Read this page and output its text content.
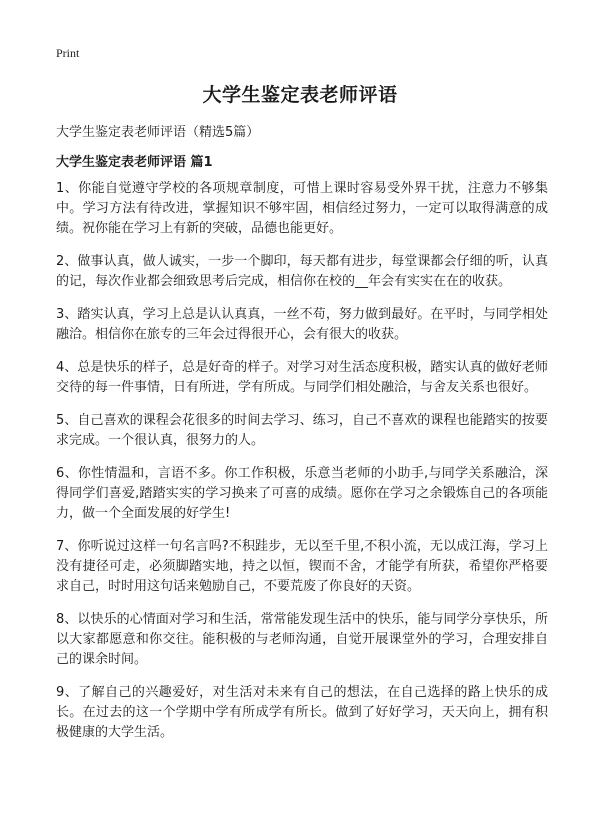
Print
大学生鉴定表老师评语

大学生鉴定表老师评语（精选5篇）

大学生鉴定表老师评语 篇1
1、你能自觉遵守学校的各项规章制度，可惜上课时容易受外界干扰，注意力不够集中。学习方法有待改进，掌握知识不够牢固，相信经过努力，一定可以取得满意的成绩。祝你能在学习上有新的突破，品德也能更好。
2、做事认真，做人诚实，一步一个脚印，每天都有进步，每堂课都会仔细的听，认真的记，每次作业都会细致思考后完成，相信你在校的__年会有实实在在的收获。
3、踏实认真，学习上总是认认真真，一丝不苟，努力做到最好。在平时，与同学相处融洽。相信你在旅专的三年会过得很开心，会有很大的收获。
4、总是快乐的样子，总是好奇的样子。对学习对生活态度积极，踏实认真的做好老师交待的每一件事情，日有所进，学有所成。与同学们相处融洽，与舍友关系也很好。
5、自己喜欢的课程会花很多的时间去学习、练习，自己不喜欢的课程也能踏实的按要求完成。一个很认真，很努力的人。
6、你性情温和，言语不多。你工作积极，乐意当老师的小助手,与同学关系融洽，深得同学们喜爱,踏踏实实的学习换来了可喜的成绩。愿你在学习之余锻炼自己的各项能力，做一个全面发展的好学生!
7、你听说过这样一句名言吗?不积跬步，无以至千里,不积小流，无以成江海，学习上没有捷径可走，必须脚踏实地，持之以恒，锲而不舍，才能学有所获，希望你严格要求自己，时时用这句话来勉励自己，不要荒废了你良好的天资。
8、以快乐的心情面对学习和生活，常常能发现生活中的快乐，能与同学分享快乐，所以大家都愿意和你交往。能积极的与老师沟通，自觉开展课堂外的学习，合理安排自己的课余时间。
9、了解自己的兴趣爱好，对生活对未来有自己的想法，在自己选择的路上快乐的成长。在过去的这一个学期中学有所成学有所长。做到了好好学习，天天向上，拥有积极健康的大学生活。
